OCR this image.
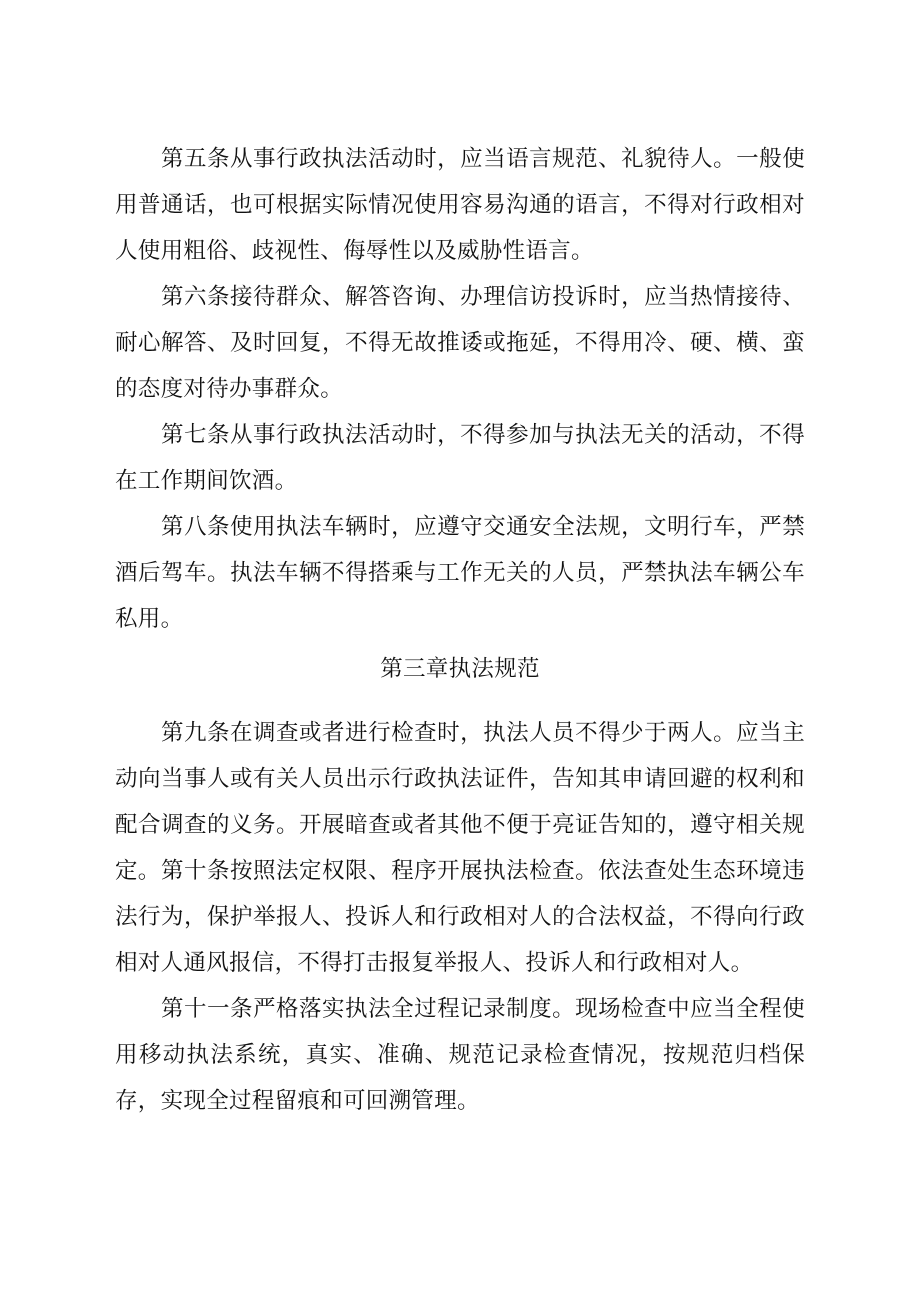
第五条从事行政执法活动时，应当语言规范、礼貌待人。一般使用普通话，也可根据实际情况使用容易沟通的语言，不得对行政相对人使用粗俗、歧视性、侮辱性以及威胁性语言。

第六条接待群众、解答咨询、办理信访投诉时，应当热情接待、耐心解答、及时回复，不得无故推诿或拖延，不得用冷、硬、横、蛮的态度对待办事群众。

第七条从事行政执法活动时，不得参加与执法无关的活动，不得在工作期间饮酒。

第八条使用执法车辆时，应遵守交通安全法规，文明行车，严禁酒后驾车。执法车辆不得搭乘与工作无关的人员，严禁执法车辆公车私用。

第三章执法规范

第九条在调查或者进行检查时，执法人员不得少于两人。应当主动向当事人或有关人员出示行政执法证件，告知其申请回避的权利和配合调查的义务。开展暗查或者其他不便于亮证告知的，遵守相关规定。 第十条按照法定权限、程序开展执法检查。依法查处生态环境违法行为，保护举报人、投诉人和行政相对人的合法权益，不得向行政相对人通风报信，不得打击报复举报人、投诉人和行政相对人。

第十一条严格落实执法全过程记录制度。现场检查中应当全程使用移动执法系统，真实、准确、规范记录检查情况，按规范归档保存，实现全过程留痕和可回溯管理。
